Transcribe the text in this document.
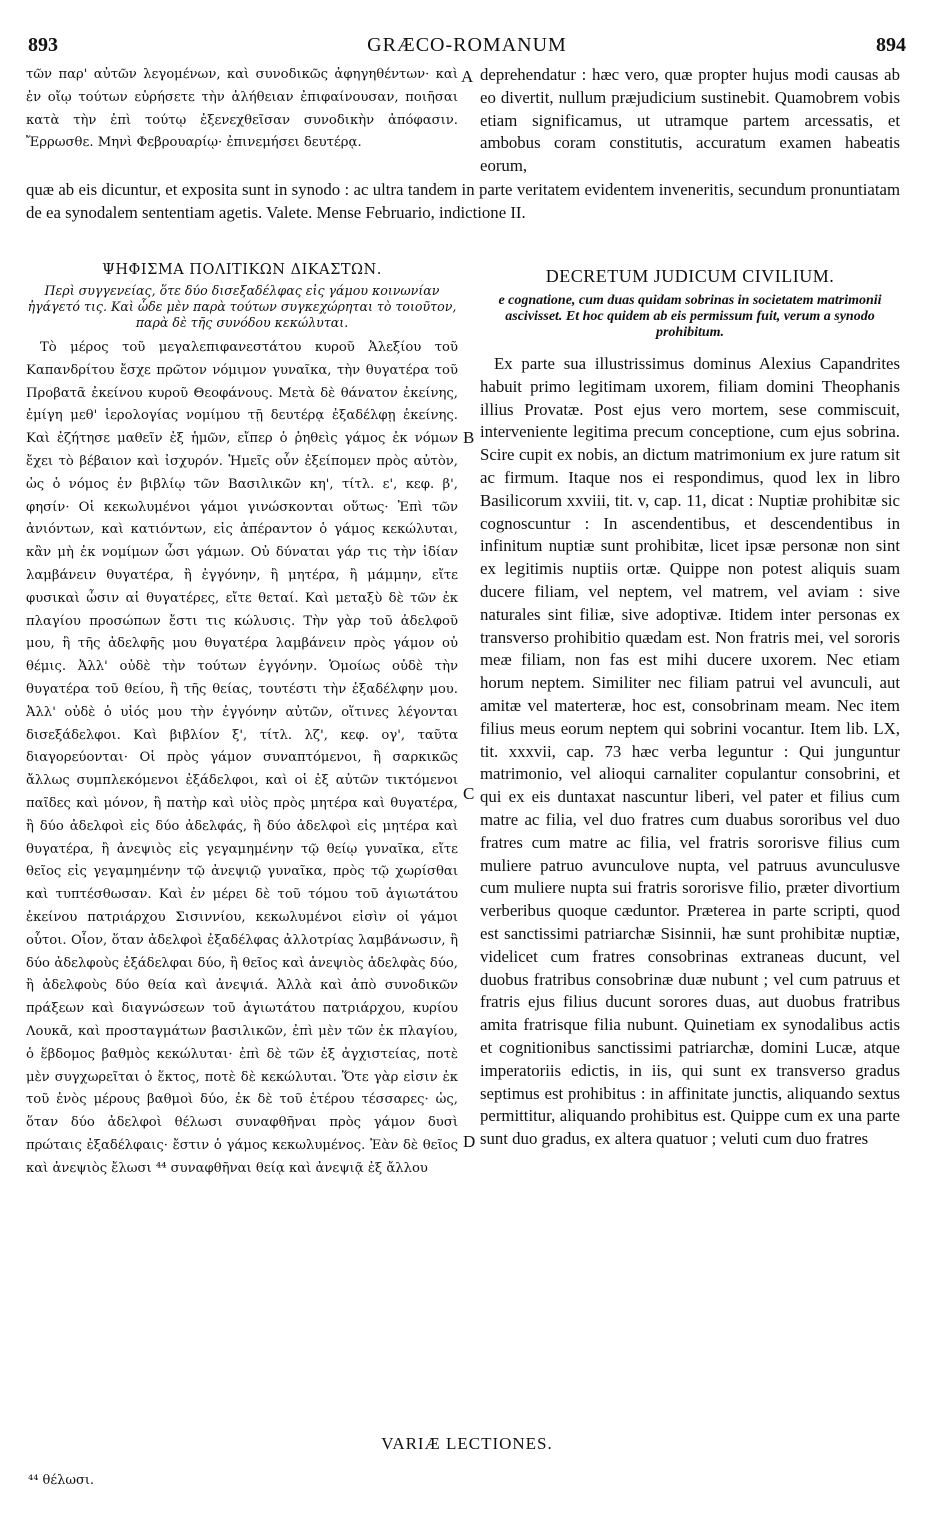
893	GRÆCO-ROMANUM	894

τῶν παρ' αὐτῶν λεγομένων, καὶ συνοδικῶς ἀφηγηθέντων· καὶ ἐν οἴῳ τούτων εὑρήσετε τὴν ἀλήθειαν ἐπιφαίνουσαν, ποιῆσαι κατὰ τὴν ἐπὶ τούτῳ ἐξενεχθεῖσαν συνοδικὴν ἀπόφασιν. Ἔρρωσθε. Μηνὶ Φεβρουαρίῳ· ἐπινεμήσει δευτέρᾳ.

deprehendatur : hæc vero, quæ propter hujus modi causas ab eo divertit, nullum præjudicium sustinebit. Quamobrem vobis etiam significamus, ut utramque partem arcessatis, et ambobus coram constitutis, accuratum examen habeatis eorum,

quæ ab eis dicuntur, et exposita sunt in synodo : ac ultra tandem in parte veritatem evidentem inveneritis, secundum pronuntiatam de ea synodalem sententiam agetis. Valete. Mense Februario, indictione II.

ΨΗΦΙΣΜΑ ΠΟΛΙΤΙΚΩΝ ΔΙΚΑΣΤΩΝ.

Περὶ συγγενείας, ὅτε δύο δισεξαδέλφας εἰς γάμου κοινωνίαν ἠγάγετό τις. Καὶ ὧδε μὲν παρὰ τούτων συγκεχώρηται τὸ τοιοῦτον, παρὰ δὲ τῆς συνόδου κεκώλυται.

Τὸ μέρος τοῦ μεγαλεπιφανεστάτου κυροῦ Ἀλεξίου τοῦ Καπανδρίτου ἔσχε πρῶτον νόμιμον γυναῖκα, τὴν θυγατέρα τοῦ Προβατᾶ ἐκείνου κυροῦ Θεοφάνους. Μετὰ δὲ θάνατον ἐκείνης, ἐμίγη μεθ' ἱερολογίας νομίμου τῇ δευτέρᾳ ἐξαδέλφῃ ἐκείνης. Καὶ ἐζήτησε μαθεῖν ἐξ ἡμῶν, εἴπερ ὁ ῥηθεὶς γάμος ἐκ νόμων ἔχει τὸ βέβαιον καὶ ἰσχυρόν. Ἡμεῖς οὖν ἐξείπομεν πρὸς αὐτὸν, ὡς ὁ νόμος ἐν βιβλίῳ τῶν Βασιλικῶν κη', τίτλ. ε', κεφ. β', φησίν· Οἱ κεκωλυμένοι γάμοι γινώσκονται οὕτως· Ἐπὶ τῶν ἀνιόντων, καὶ κατιόντων, εἰς ἀπέραντον ὁ γάμος κεκώλυται, κἂν μὴ ἐκ νομίμων ὦσι γάμων. Οὐ δύναται γάρ τις τὴν ἰδίαν λαμβάνειν θυγατέρα, ἢ ἐγγόνην, ἢ μητέρα, ἢ μάμμην, εἴτε φυσικαὶ ὦσιν αἱ θυγατέρες, εἴτε θεταί. Καὶ μεταξὺ δὲ τῶν ἐκ πλαγίου προσώπων ἔστι τις κώλυσις. Τὴν γὰρ τοῦ ἀδελφοῦ μου, ἢ τῆς ἀδελφῆς μου θυγατέρα λαμβάνειν πρὸς γάμον οὐ θέμις. Ἀλλ' οὐδὲ τὴν τούτων ἐγγόνην. Ὁμοίως οὐδὲ τὴν θυγατέρα τοῦ θείου, ἢ τῆς θείας, τουτέστι τὴν ἐξαδέλφην μου. Ἀλλ' οὐδὲ ὁ υἱός μου τὴν ἐγγόνην αὐτῶν, οἵτινες λέγονται δισεξάδελφοι. Καὶ βιβλίον ξ', τίτλ. λζ', κεφ. ογ', ταῦτα διαγορεύονται· Οἱ πρὸς γάμον συναπτόμενοι, ἢ σαρκικῶς ἄλλως συμπλεκόμενοι ἐξάδελφοι, καὶ οἱ ἐξ αὐτῶν τικτόμενοι παῖδες καὶ μόνον, ἢ πατὴρ καὶ υἱὸς πρὸς μητέρα καὶ θυγατέρα, ἢ δύο ἀδελφοὶ εἰς δύο ἀδελφάς, ἢ δύο ἀδελφοὶ εἰς μητέρα καὶ θυγατέρα, ἢ ἀνεψιὸς εἰς γεγαμημένην τῷ θείῳ γυναῖκα, εἴτε θεῖος εἰς γεγαμημένην τῷ ἀνεψιῷ γυναῖκα, πρὸς τῷ χωρίσθαι καὶ τυπτέσθωσαν. Καὶ ἐν μέρει δὲ τοῦ τόμου τοῦ ἁγιωτάτου ἐκείνου πατριάρχου Σισιννίου, κεκωλυμένοι εἰσὶν οἱ γάμοι οὗτοι. Οἷον, ὅταν ἀδελφοὶ ἐξαδέλφας ἀλλοτρίας λαμβάνωσιν, ἢ δύο ἀδελφοὺς ἐξάδελφαι δύο, ἢ θεῖος καὶ ἀνεψιὸς ἀδελφὰς δύο, ἢ ἀδελφοὺς δύο θεία καὶ ἀνεψιά. Ἀλλὰ καὶ ἀπὸ συνοδικῶν πράξεων καὶ διαγνώσεων τοῦ ἁγιωτάτου πατριάρχου, κυρίου Λουκᾶ, καὶ προσταγμάτων βασιλικῶν, ἐπὶ μὲν τῶν ἐκ πλαγίου, ὁ ἕβδομος βαθμὸς κεκώλυται· ἐπὶ δὲ τῶν ἐξ ἀγχιστείας, ποτὲ μὲν συγχωρεῖται ὁ ἕκτος, ποτὲ δὲ κεκώλυται. Ὅτε γὰρ εἰσιν ἐκ τοῦ ἑνὸς μέρους βαθμοὶ δύο, ἐκ δὲ τοῦ ἑτέρου τέσσαρες· ὡς, ὅταν δύο ἀδελφοὶ θέλωσι συναφθῆναι πρὸς γάμον δυσὶ πρώταις ἐξαδέλφαις· ἔστιν ὁ γάμος κεκωλυμένος. Ἐὰν δὲ θεῖος καὶ ἀνεψιὸς ἔλωσι ⁴⁴ συναφθῆναι θείᾳ καὶ ἀνεψιᾷ ἐξ ἄλλου

DECRETUM JUDICUM CIVILIUM.

e cognatione, cum duas quidam sobrinas in societatem matrimonii ascivisset. Et hoc quidem ab eis permissum fuit, verum a synodo prohibitum.

Ex parte sua illustrissimus dominus Alexius Capandrites habuit primo legitimam uxorem, filiam domini Theophanis illius Provatæ. Post ejus vero mortem, sese commiscuit, interveniente legitima precum conceptione, cum ejus sobrina. Scire cupit ex nobis, an dictum matrimonium ex jure ratum sit ac firmum. Itaque nos ei respondimus, quod lex in libro Basilicorum xxviii, tit. v, cap. 11, dicat : Nuptiæ prohibitæ sic cognoscuntur : In ascendentibus, et descendentibus in infinitum nuptiæ sunt prohibitæ, licet ipsæ personæ non sint ex legitimis nuptiis ortæ. Quippe non potest aliquis suam ducere filiam, vel neptem, vel matrem, vel aviam : sive naturales sint filiæ, sive adoptivæ. Itidem inter personas ex transverso prohibitio quædam est. Non fratris mei, vel sororis meæ filiam, non fas est mihi ducere uxorem. Nec etiam horum neptem. Similiter nec filiam patrui vel avunculi, aut amitæ vel materteræ, hoc est, consobrinam meam. Nec item filius meus eorum neptem qui sobrini vocantur. Item lib. LX, tit. xxxvii, cap. 73 hæc verba leguntur : Qui junguntur matrimonio, vel alioqui carnaliter copulantur consobrini, et qui ex eis duntaxat nascuntur liberi, vel pater et filius cum matre ac filia, vel duo fratres cum duabus sororibus vel duo fratres cum matre ac filia, vel fratris sororisve filius cum muliere patruo avunculove nupta, vel patruus avunculusve cum muliere nupta sui fratris sororisve filio, præter divortium verberibus quoque cæduntor. Præterea in parte scripti, quod est sanctissimi patriarchæ Sisinnii, hæ sunt prohibitæ nuptiæ, videlicet cum fratres consobrinas extraneas ducunt, vel duobus fratribus consobrinæ duæ nubunt ; vel cum patruus et fratris ejus filius ducunt sorores duas, aut duobus fratribus amita fratrisque filia nubunt. Quinetiam ex synodalibus actis et cognitionibus sanctissimi patriarchæ, domini Lucæ, atque imperatoriis edictis, in iis, qui sunt ex transverso gradus septimus est prohibitus : in affinitate junctis, aliquando sextus permittitur, aliquando prohibitus est. Quippe cum ex una parte sunt duo gradus, ex altera quatuor ; veluti cum duo fratres

A
B
C
D
VARIÆ LECTIONES.
⁴⁴ θέλωσι.
